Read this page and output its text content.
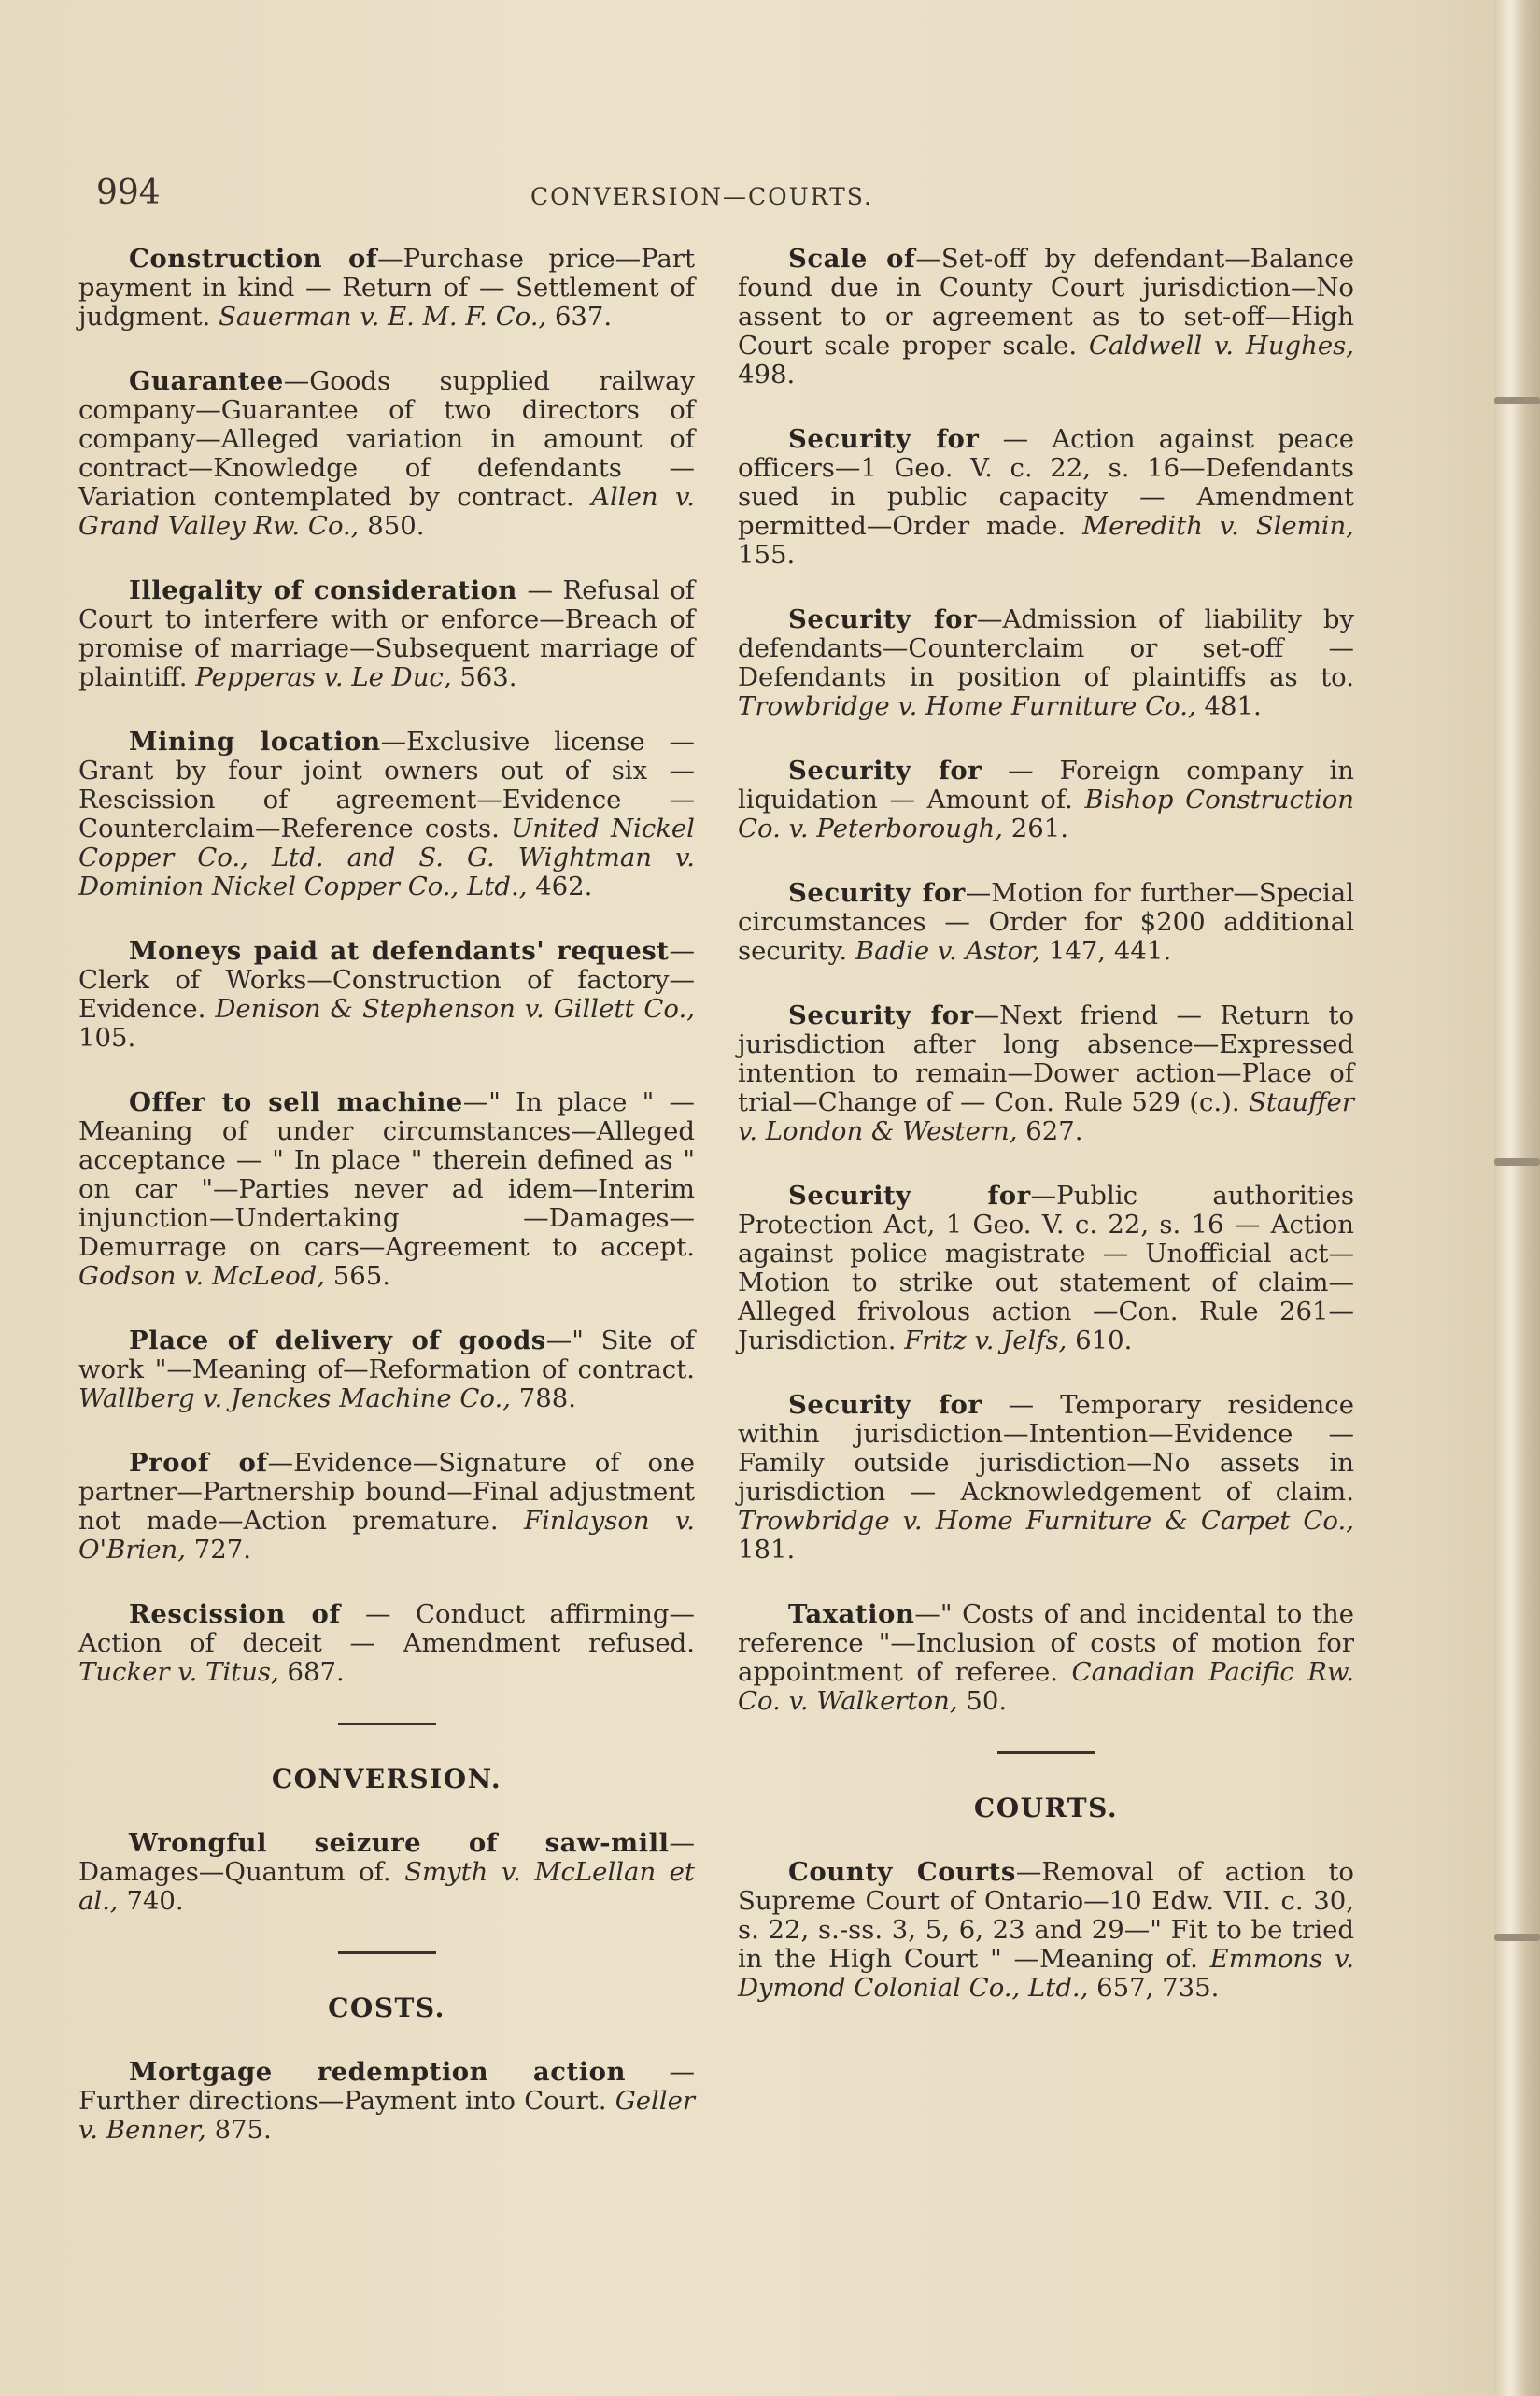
994	CONVERSION—COURTS.

Construction of—Purchase price—Part payment in kind — Return of — Settlement of judgment. Sauerman v. E. M. F. Co., 637.

Guarantee—Goods supplied railway company—Guarantee of two directors of company—Alleged variation in amount of contract—Knowledge of defendants — Variation contemplated by contract. Allen v. Grand Valley Rw. Co., 850.

Illegality of consideration — Refusal of Court to interfere with or enforce—Breach of promise of marriage—Subsequent marriage of plaintiff. Pepperas v. Le Duc, 563.

Mining location—Exclusive license —Grant by four joint owners out of six —Rescission of agreement—Evidence — Counterclaim—Reference costs. United Nickel Copper Co., Ltd. and S. G. Wightman v. Dominion Nickel Copper Co., Ltd., 462.

Moneys paid at defendants' request—Clerk of Works—Construction of factory—Evidence. Denison & Stephenson v. Gillett Co., 105.

Offer to sell machine—" In place " —Meaning of under circumstances—Alleged acceptance — " In place " therein defined as " on car "—Parties never ad idem—Interim injunction—Undertaking —Damages—Demurrage on cars—Agreement to accept. Godson v. McLeod, 565.

Place of delivery of goods—" Site of work "—Meaning of—Reformation of contract. Wallberg v. Jenckes Machine Co., 788.

Proof of—Evidence—Signature of one partner—Partnership bound—Final adjustment not made—Action premature. Finlayson v. O'Brien, 727.

Rescission of — Conduct affirming—Action of deceit — Amendment refused. Tucker v. Titus, 687.

CONVERSION.

Wrongful seizure of saw-mill—Damages—Quantum of. Smyth v. McLellan et al., 740.

COSTS.

Mortgage redemption action — Further directions—Payment into Court. Geller v. Benner, 875.

Scale of—Set-off by defendant—Balance found due in County Court jurisdiction—No assent to or agreement as to set-off—High Court scale proper scale. Caldwell v. Hughes, 498.

Security for — Action against peace officers—1 Geo. V. c. 22, s. 16—Defendants sued in public capacity — Amendment permitted—Order made. Meredith v. Slemin, 155.

Security for—Admission of liability by defendants—Counterclaim or set-off —Defendants in position of plaintiffs as to. Trowbridge v. Home Furniture Co., 481.

Security for — Foreign company in liquidation — Amount of. Bishop Construction Co. v. Peterborough, 261.

Security for—Motion for further—Special circumstances — Order for $200 additional security. Badie v. Astor, 147, 441.

Security for—Next friend — Return to jurisdiction after long absence—Expressed intention to remain—Dower action—Place of trial—Change of — Con. Rule 529 (c.). Stauffer v. London & Western, 627.

Security for—Public authorities Protection Act, 1 Geo. V. c. 22, s. 16 — Action against police magistrate — Unofficial act—Motion to strike out statement of claim—Alleged frivolous action —Con. Rule 261—Jurisdiction. Fritz v. Jelfs, 610.

Security for — Temporary residence within jurisdiction—Intention—Evidence —Family outside jurisdiction—No assets in jurisdiction — Acknowledgement of claim. Trowbridge v. Home Furniture & Carpet Co., 181.

Taxation—" Costs of and incidental to the reference "—Inclusion of costs of motion for appointment of referee. Canadian Pacific Rw. Co. v. Walkerton, 50.

COURTS.

County Courts—Removal of action to Supreme Court of Ontario—10 Edw. VII. c. 30, s. 22, s.-ss. 3, 5, 6, 23 and 29—" Fit to be tried in the High Court " —Meaning of. Emmons v. Dymond Colonial Co., Ltd., 657, 735.
